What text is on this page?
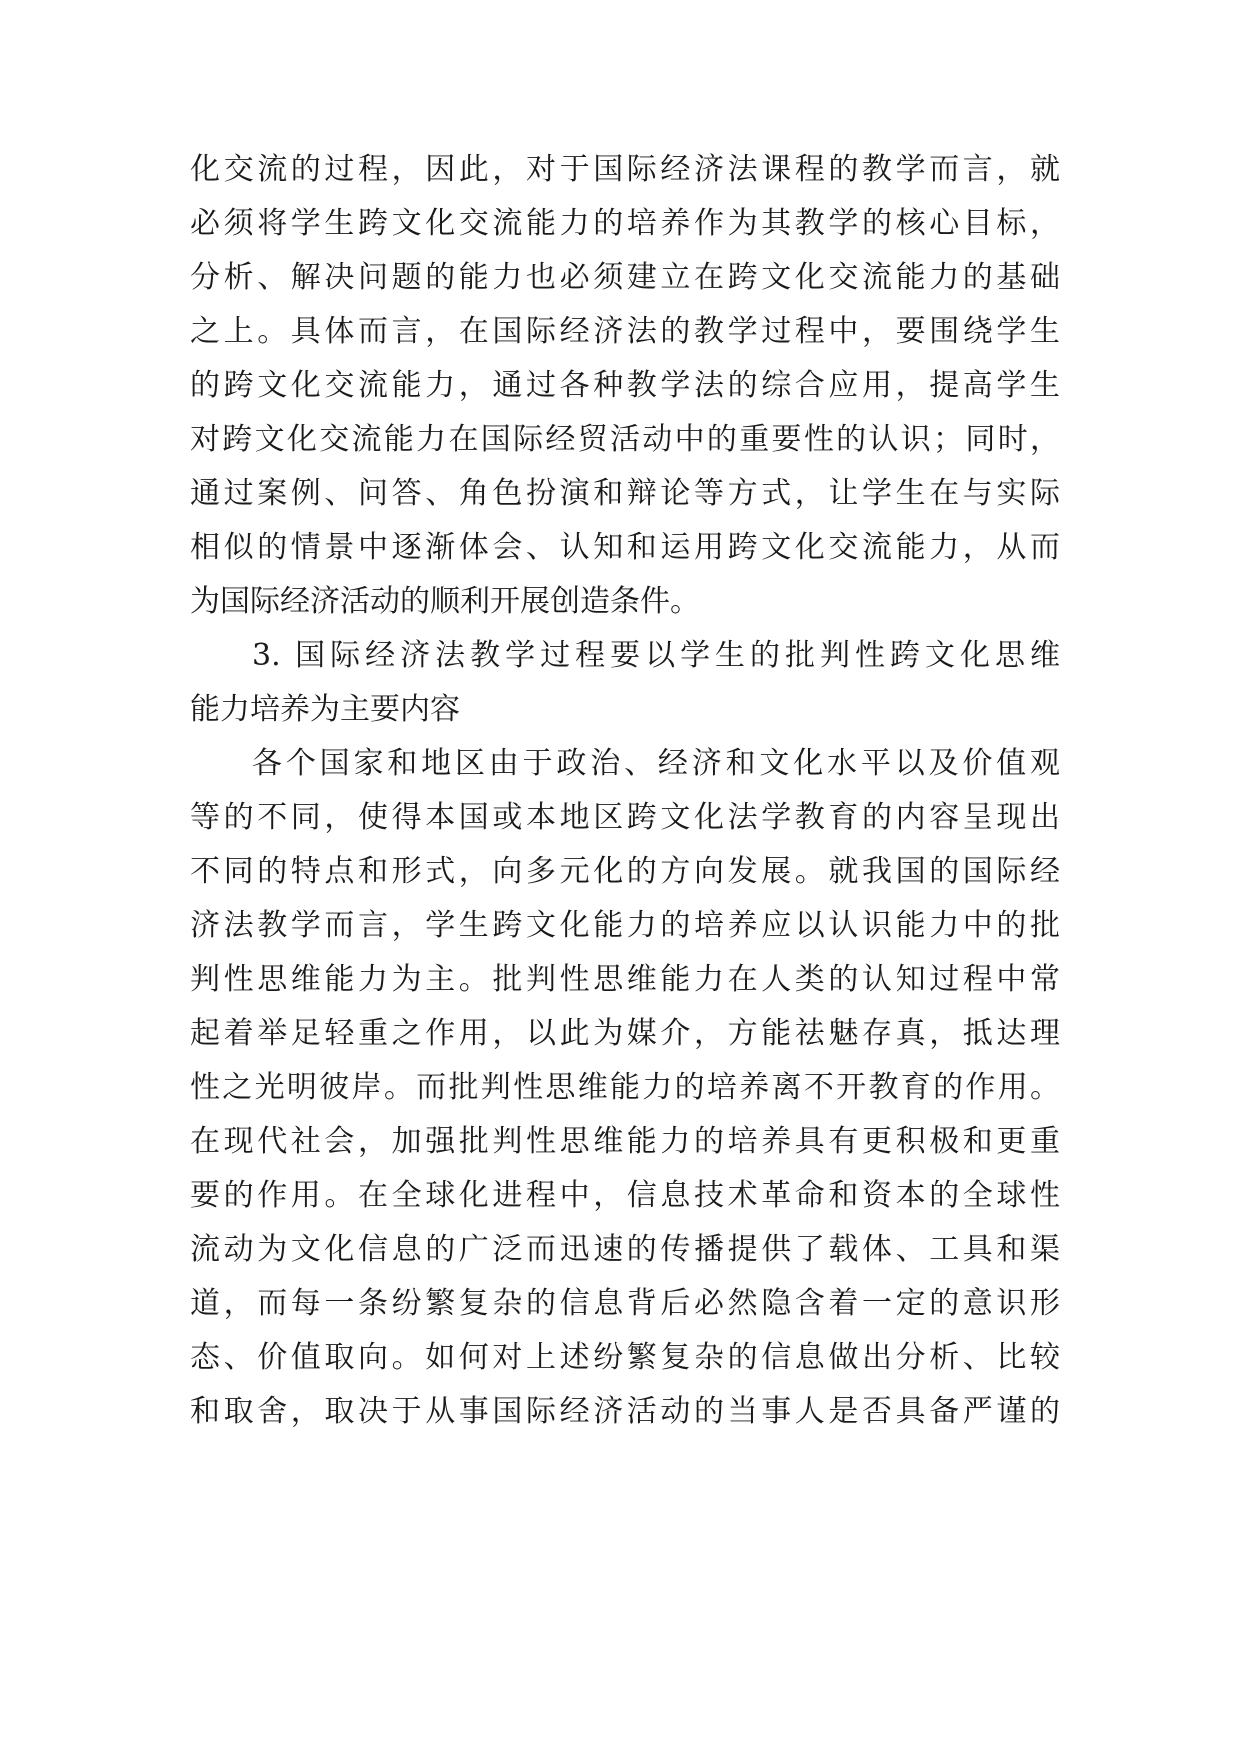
化交流的过程，因此，对于国际经济法课程的教学而言，就
必须将学生跨文化交流能力的培养作为其教学的核心目标，
分析、解决问题的能力也必须建立在跨文化交流能力的基础
之上。具体而言，在国际经济法的教学过程中，要围绕学生
的跨文化交流能力，通过各种教学法的综合应用，提高学生
对跨文化交流能力在国际经贸活动中的重要性的认识；同时，
通过案例、问答、角色扮演和辩论等方式，让学生在与实际
相似的情景中逐渐体会、认知和运用跨文化交流能力，从而
为国际经济活动的顺利开展创造条件。
3. 国际经济法教学过程要以学生的批判性跨文化思维
能力培养为主要内容
各个国家和地区由于政治、经济和文化水平以及价值观
等的不同，使得本国或本地区跨文化法学教育的内容呈现出
不同的特点和形式，向多元化的方向发展。就我国的国际经
济法教学而言，学生跨文化能力的培养应以认识能力中的批
判性思维能力为主。批判性思维能力在人类的认知过程中常
起着举足轻重之作用，以此为媒介，方能祛魅存真，抵达理
性之光明彼岸。而批判性思维能力的培养离不开教育的作用。
在现代社会，加强批判性思维能力的培养具有更积极和更重
要的作用。在全球化进程中，信息技术革命和资本的全球性
流动为文化信息的广泛而迅速的传播提供了载体、工具和渠
道，而每一条纷繁复杂的信息背后必然隐含着一定的意识形
态、价值取向。如何对上述纷繁复杂的信息做出分析、比较
和取舍，取决于从事国际经济活动的当事人是否具备严谨的
